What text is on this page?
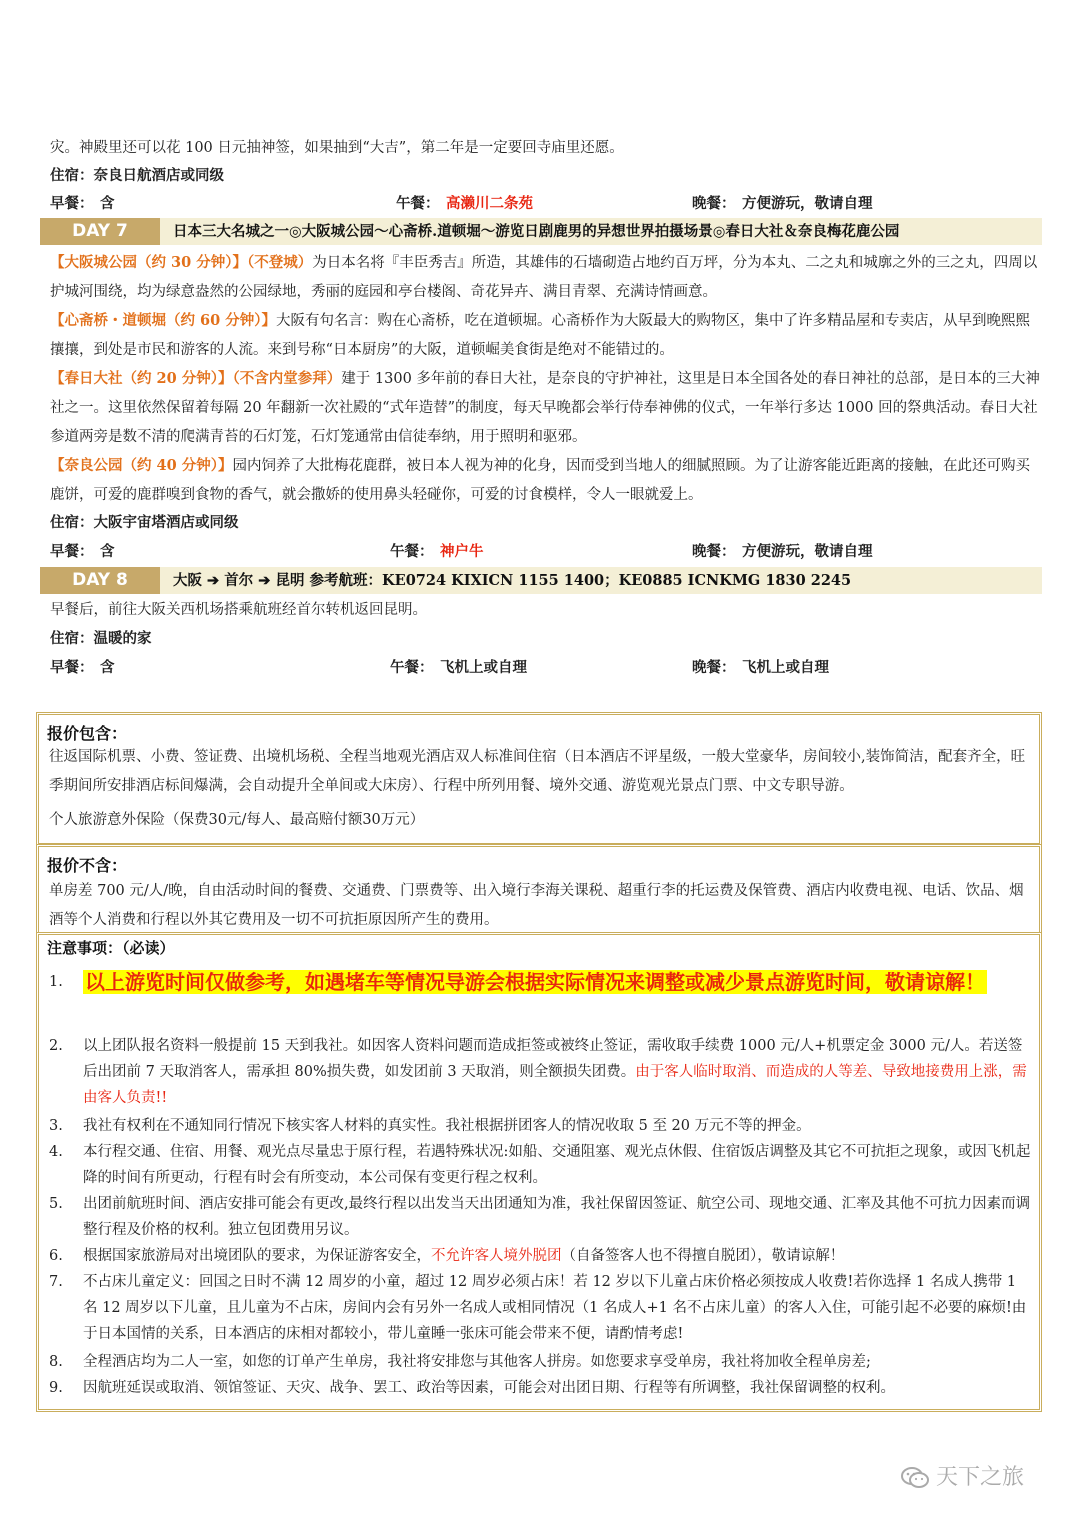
灾。神殿里还可以花 100 日元抽神签，如果抽到“大吉”，第二年是一定要回寺庙里还愿。
住宿：奈良日航酒店或同级
早餐： 含	午餐： 高濑川二条苑	晚餐： 方便游玩，敬请自理
DAY 7	日本三大名城之一◎大阪城公园～心斋桥.道顿堀～游览日剧鹿男的异想世界拍摄场景◎春日大社＆奈良梅花鹿公园
【大阪城公园（约 30 分钟）】（不登城）为日本名将『丰臣秀吉』所造，其雄伟的石墙砌造占地约百万坪，分为本丸、二之丸和城廓之外的三之丸，四周以护城河围绕，均为绿意盎然的公园绿地，秀丽的庭园和亭台楼阁、奇花异卉、满目青翠、充满诗情画意。
【心斋桥・道顿堀（约 60 分钟）】大阪有句名言：购在心斋桥，吃在道顿堀。心斋桥作为大阪最大的购物区，集中了许多精品屋和专卖店，从早到晚熙熙攘攘，到处是市民和游客的人流。来到号称“日本厨房”的大阪，道顿崛美食街是绝对不能错过的。
【春日大社（约 20 分钟）】（不含内堂参拜）建于 1300 多年前的春日大社，是奈良的守护神社，这里是日本全国各处的春日神社的总部，是日本的三大神社之一。这里依然保留着每隔 20 年翻新一次社殿的“式年造替”的制度，每天早晚都会举行侍奉神佛的仪式，一年举行多达 1000 回的祭典活动。春日大社参道两旁是数不清的爬满青苔的石灯笼，石灯笼通常由信徒奉纳，用于照明和驱邪。
【奈良公园（约 40 分钟）】园内饲养了大批梅花鹿群，被日本人视为神的化身，因而受到当地人的细腻照顾。为了让游客能近距离的接触，在此还可购买鹿饼，可爱的鹿群嗅到食物的香气，就会撒娇的使用鼻头轻碰你，可爱的讨食模样，令人一眼就爱上。
住宿：大阪宇宙塔酒店或同级
早餐： 含	午餐： 神户牛	晚餐： 方便游玩，敬请自理
DAY 8	大阪 ➔ 首尔 ➔ 昆明 参考航班：KE0724 KIXICN 1155 1400；KE0885 ICNKMG 1830 2245
早餐后，前往大阪关西机场搭乘航班经首尔转机返回昆明。
住宿：温暖的家
早餐： 含	午餐： 飞机上或自理	晚餐： 飞机上或自理
报价包含：
往返国际机票、小费、签证费、出境机场税、全程当地观光酒店双人标准间住宿（日本酒店不评星级，一般大堂豪华，房间较小,装饰简洁，配套齐全，旺季期间所安排酒店标间爆满，会自动提升全单间或大床房）、行程中所列用餐、境外交通、游览观光景点门票、中文专职导游。
个人旅游意外保险（保费30元/每人、最高赔付额30万元）
报价不含：
单房差 700 元/人/晚，自由活动时间的餐费、交通费、门票费等、出入境行李海关课税、超重行李的托运费及保管费、酒店内收费电视、电话、饮品、烟酒等个人消费和行程以外其它费用及一切不可抗拒原因所产生的费用。
注意事项：（必读）
1.	以上游览时间仅做参考，如遇堵车等情况导游会根据实际情况来调整或减少景点游览时间，敬请谅解！
2.	以上团队报名资料一般提前 15 天到我社。如因客人资料问题而造成拒签或被终止签证，需收取手续费 1000 元/人+机票定金 3000 元/人。若送签后出团前 7 天取消客人，需承担 80%损失费，如发团前 3 天取消，则全额损失团费。由于客人临时取消、而造成的人等差、导致地接费用上涨，需由客人负责!!
3.	我社有权利在不通知同行情况下核实客人材料的真实性。我社根据拼团客人的情况收取 5 至 20 万元不等的押金。
4.	本行程交通、住宿、用餐、观光点尽量忠于原行程，若遇特殊状况:如船、交通阻塞、观光点休假、住宿饭店调整及其它不可抗拒之现象，或因飞机起降的时间有所更动，行程有时会有所变动，本公司保有变更行程之权利。
5.	出团前航班时间、酒店安排可能会有更改,最终行程以出发当天出团通知为准，我社保留因签证、航空公司、现地交通、汇率及其他不可抗力因素而调整行程及价格的权利。独立包团费用另议。
6.	根据国家旅游局对出境团队的要求，为保证游客安全，不允许客人境外脱团（自备签客人也不得擅自脱团），敬请谅解！
7.	不占床儿童定义：回国之日时不满 12 周岁的小童，超过 12 周岁必须占床！若 12 岁以下儿童占床价格必须按成人收费!若你选择 1 名成人携带 1 名 12 周岁以下儿童，且儿童为不占床，房间内会有另外一名成人或相同情况（1 名成人+1 名不占床儿童）的客人入住，可能引起不必要的麻烦!由于日本国情的关系，日本酒店的床相对都较小，带儿童睡一张床可能会带来不便，请酌情考虑!
8.	全程酒店均为二人一室，如您的订单产生单房，我社将安排您与其他客人拼房。如您要求享受单房，我社将加收全程单房差;
9.	因航班延误或取消、领馆签证、天灾、战争、罢工、政治等因素，可能会对出团日期、行程等有所调整，我社保留调整的权利。
天下之旅
